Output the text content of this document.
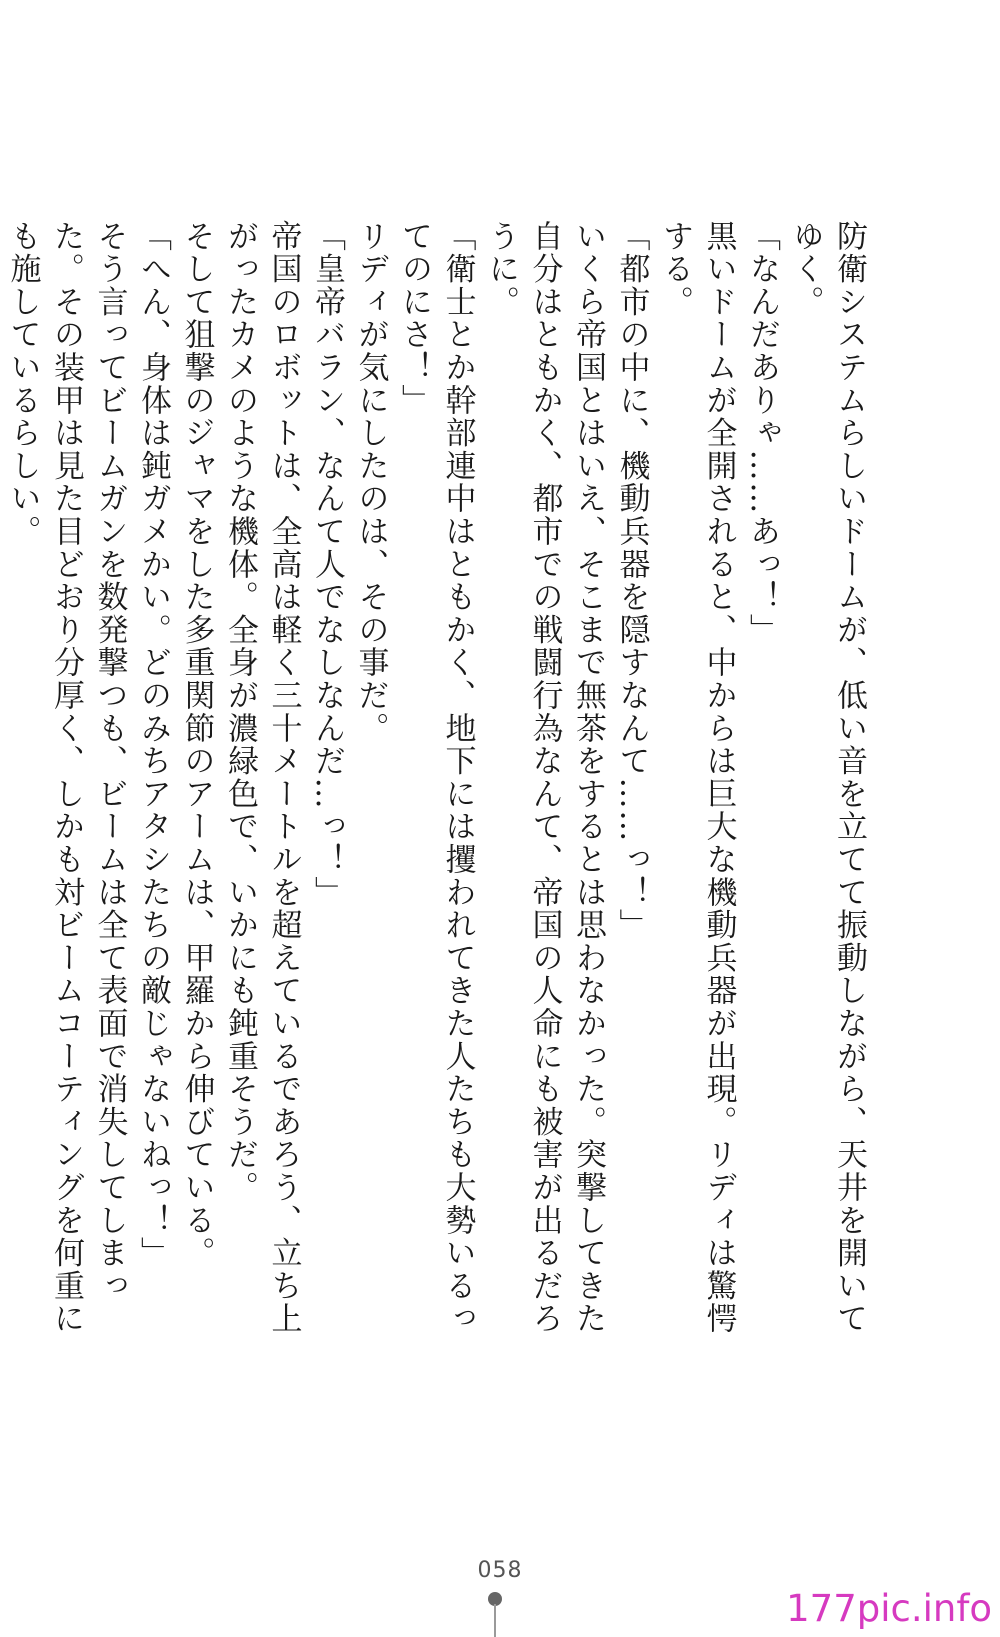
防衛システムらしいドームが、低い音を立てて振動しながら、天井を開いてゆく。

「なんだありゃ……あっ！」

黒いドームが全開されると、中からは巨大な機動兵器が出現。リディは驚愕する。

「都市の中に、機動兵器を隠すなんて……っ！」

いくら帝国とはいえ、そこまで無茶をするとは思わなかった。突撃してきた自分はともかく、都市での戦闘行為なんて、帝国の人命にも被害が出るだろうに。

「衛士とか幹部連中はともかく、地下には攫われてきた人たちも大勢いるってのにさ！」

リディが気にしたのは、その事だ。

「皇帝バラン、なんて人でなしなんだ…っ！」

帝国のロボットは、全高は軽く三十メートルを超えているであろう、立ち上がったカメのような機体。全身が濃緑色で、いかにも鈍重そうだ。

そして狙撃のジャマをした多重関節のアームは、甲羅から伸びている。

「へん、身体は鈍ガメかい。どのみちアタシたちの敵じゃないねっ！」

そう言ってビームガンを数発撃つも、ビームは全て表面で消失してしまった。その装甲は見た目どおり分厚く、しかも対ビームコーティングを何重にも施しているらしい。

058
177pic.info
